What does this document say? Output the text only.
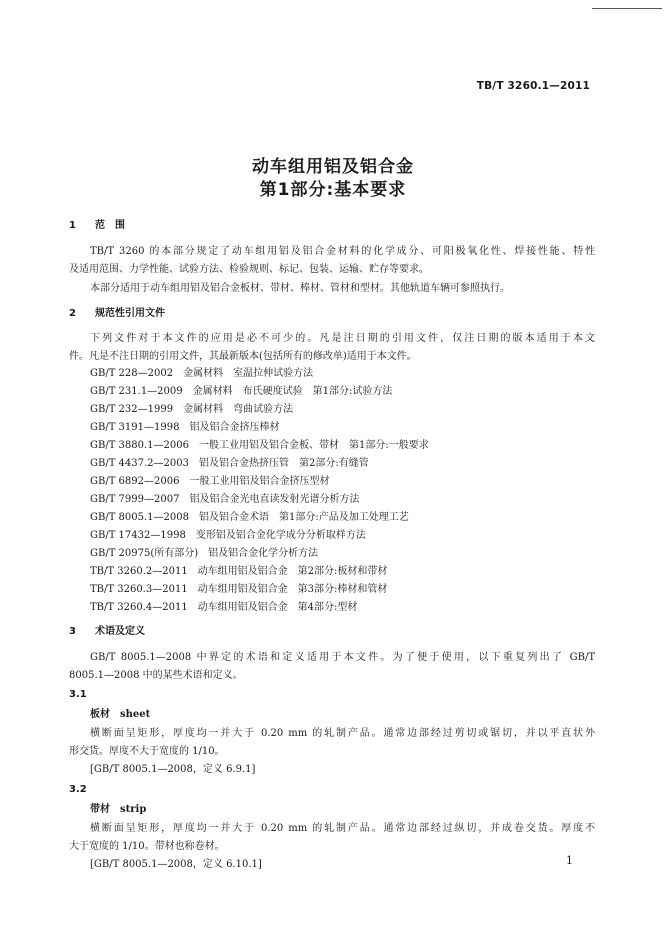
TB/T 3260.1—2011
动车组用铝及铝合金
第1部分:基本要求
1 范　围
TB/T 3260 的本部分规定了动车组用铝及铝合金材料的化学成分、可阳极氧化性、焊接性能、特性
及适用范围、力学性能、试验方法、检验规则、标记、包装、运输、贮存等要求。
本部分适用于动车组用铝及铝合金板材、带材、棒材、管材和型材。其他轨道车辆可参照执行。
2 规范性引用文件
下列文件对于本文件的应用是必不可少的。凡是注日期的引用文件，仅注日期的版本适用于本文
件。凡是不注日期的引用文件，其最新版本(包括所有的修改单)适用于本文件。
GB/T 228—2002　金属材料　室温拉伸试验方法
GB/T 231.1—2009　金属材料　布氏硬度试验　第1部分:试验方法
GB/T 232—1999　金属材料　弯曲试验方法
GB/T 3191—1998　铝及铝合金挤压棒材
GB/T 3880.1—2006　一般工业用铝及铝合金板、带材　第1部分:一般要求
GB/T 4437.2—2003　铝及铝合金热挤压管　第2部分:有缝管
GB/T 6892—2006　一般工业用铝及铝合金挤压型材
GB/T 7999—2007　铝及铝合金光电直读发射光谱分析方法
GB/T 8005.1—2008　铝及铝合金术语　第1部分:产品及加工处理工艺
GB/T 17432—1998　变形铝及铝合金化学成分分析取样方法
GB/T 20975(所有部分)　铝及铝合金化学分析方法
TB/T 3260.2—2011　动车组用铝及铝合金　第2部分:板材和带材
TB/T 3260.3—2011　动车组用铝及铝合金　第3部分:棒材和管材
TB/T 3260.4—2011　动车组用铝及铝合金　第4部分:型材
3 术语及定义
GB/T 8005.1—2008 中界定的术语和定义适用于本文件。为了便于使用，以下重复列出了 GB/T
8005.1—2008 中的某些术语和定义。
3.1
板材　sheet
横断面呈矩形，厚度均一并大于 0.20 mm 的轧制产品。通常边部经过剪切或锯切，并以平直状外
形交货。厚度不大于宽度的 1/10。
[GB/T 8005.1—2008，定义 6.9.1]
3.2
带材　strip
横断面呈矩形，厚度均一并大于 0.20 mm 的轧制产品。通常边部经过纵切，并成卷交货。厚度不
大于宽度的 1/10。带材也称卷材。
[GB/T 8005.1—2008，定义 6.10.1]	1
